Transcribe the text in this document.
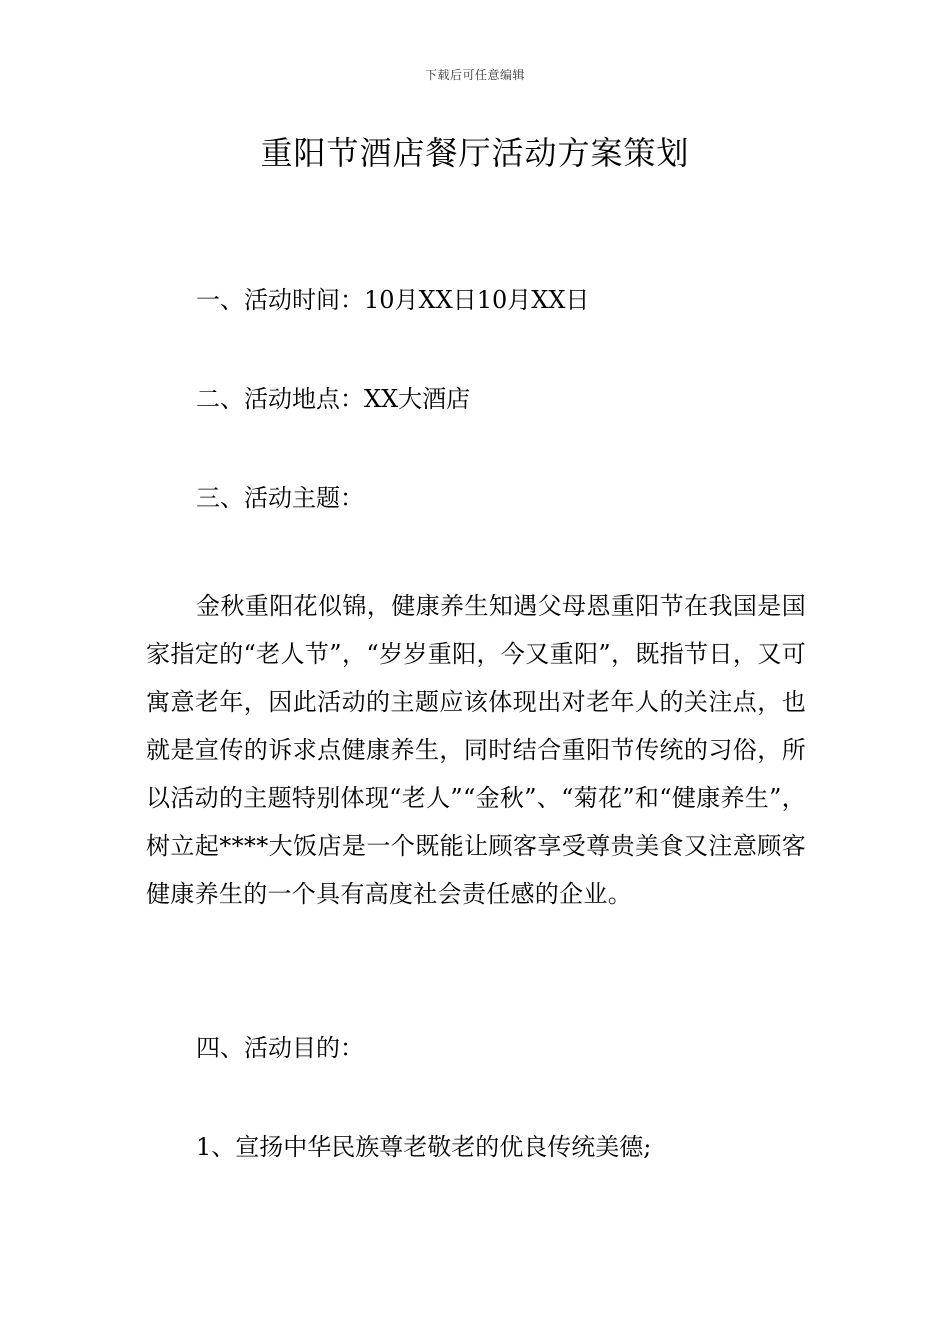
下载后可任意编辑
重阳节酒店餐厅活动方案策划
一、活动时间：10月XX日10月XX日
二、活动地点：XX大酒店
三、活动主题：

金秋重阳花似锦，健康养生知遇父母恩重阳节在我国是国家指定的“老人节”，“岁岁重阳，今又重阳”，既指节日，又可寓意老年，因此活动的主题应该体现出对老年人的关注点，也就是宣传的诉求点健康养生，同时结合重阳节传统的习俗，所以活动的主题特别体现“老人”“金秋”、“菊花”和“健康养生”，树立起****大饭店是一个既能让顾客享受尊贵美食又注意顾客健康养生的一个具有高度社会责任感的企业。

四、活动目的：
1、宣扬中华民族尊老敬老的优良传统美德;
